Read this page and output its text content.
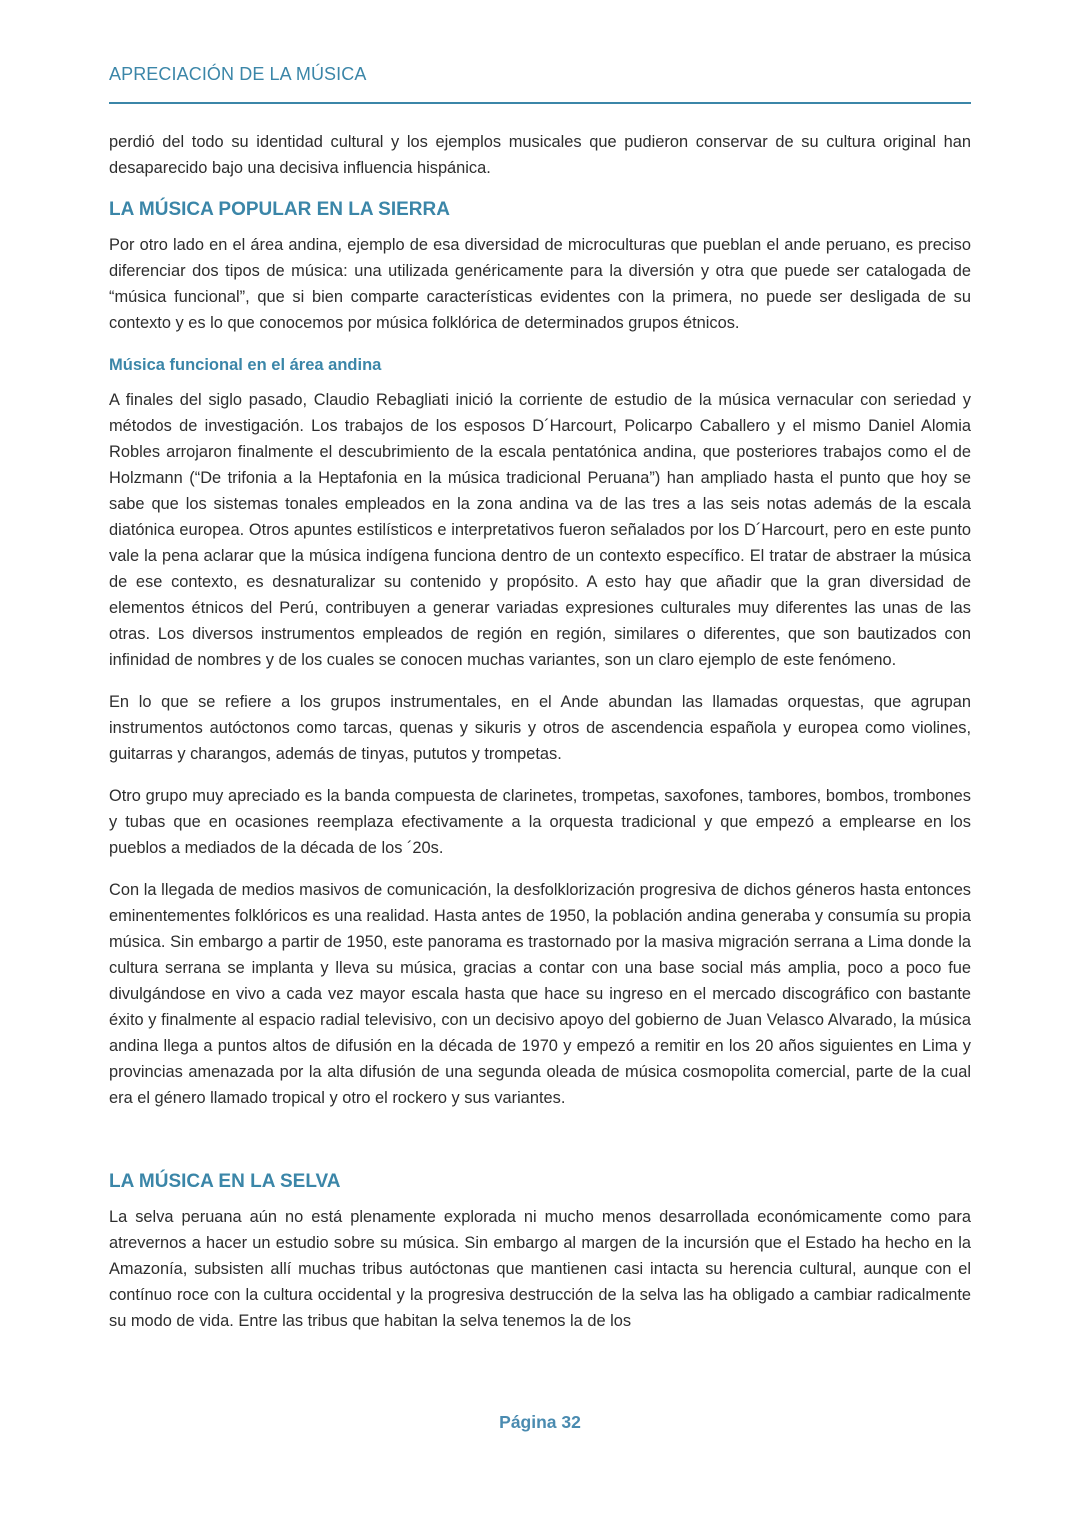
APRECIACIÓN DE LA MÚSICA

perdió del todo su identidad cultural y los ejemplos musicales que pudieron conservar de su cultura original han desaparecido bajo una decisiva influencia hispánica.

LA MÚSICA POPULAR EN LA SIERRA

Por otro lado en el área andina, ejemplo de esa diversidad de microculturas que pueblan el ande peruano, es preciso diferenciar dos tipos de música: una utilizada genéricamente para la diversión y otra que puede ser catalogada de “música funcional”, que si bien comparte características evidentes con la primera, no puede ser desligada de su contexto y es lo que conocemos por música folklórica de determinados grupos étnicos.

Música funcional en el área andina

A finales del siglo pasado, Claudio Rebagliati inició la corriente de estudio de la música vernacular con seriedad y métodos de investigación. Los trabajos de los esposos D´Harcourt, Policarpo Caballero y el mismo Daniel Alomia Robles arrojaron finalmente el descubrimiento de la escala pentatónica andina, que posteriores trabajos como el de Holzmann (“De trifonia a la Heptafonia en la música tradicional Peruana”) han ampliado hasta el punto que hoy se sabe que los sistemas tonales empleados en la zona andina va de las tres a las seis notas además de la escala diatónica europea. Otros apuntes estilísticos e interpretativos fueron señalados por los D´Harcourt, pero en este punto vale la pena aclarar que la música indígena funciona dentro de un contexto específico. El tratar de abstraer la música de ese contexto, es desnaturalizar su contenido y propósito. A esto hay que añadir que la gran diversidad de elementos étnicos del Perú, contribuyen a generar variadas expresiones culturales muy diferentes las unas de las otras. Los diversos instrumentos empleados de región en región, similares o diferentes, que son bautizados con infinidad de nombres y de los cuales se conocen muchas variantes, son un claro ejemplo de este fenómeno.

En lo que se refiere a los grupos instrumentales, en el Ande abundan las llamadas orquestas, que agrupan instrumentos autóctonos como tarcas, quenas y sikuris y otros de ascendencia española y europea como violines, guitarras y charangos, además de tinyas, pututos y trompetas.

Otro grupo muy apreciado es la banda compuesta de clarinetes, trompetas, saxofones, tambores, bombos, trombones y tubas que en ocasiones reemplaza efectivamente a la orquesta tradicional y que empezó a emplearse en los pueblos a mediados de la década de los ´20s.

Con la llegada de medios masivos de comunicación, la desfolklorización progresiva de dichos géneros hasta entonces eminentementes folklóricos es una realidad. Hasta antes de 1950, la población andina generaba y consumía su propia música. Sin embargo a partir de 1950, este panorama es trastornado por la masiva migración serrana a Lima donde la cultura serrana se implanta y lleva su música, gracias a contar con una base social más amplia, poco a poco fue divulgándose en vivo a cada vez mayor escala hasta que hace su ingreso en el mercado discográfico con bastante éxito y finalmente al espacio radial televisivo, con un decisivo apoyo del gobierno de Juan Velasco Alvarado, la música andina llega a puntos altos de difusión en la década de 1970 y empezó a remitir en los 20 años siguientes en Lima y provincias amenazada por la alta difusión de una segunda oleada de música cosmopolita comercial, parte de la cual era el género llamado tropical y otro el rockero y sus variantes.

LA MÚSICA EN LA SELVA

La selva peruana aún no está plenamente explorada ni mucho menos desarrollada económicamente como para atrevernos a hacer un estudio sobre su música. Sin embargo al margen de la incursión que el Estado ha hecho en la Amazonía, subsisten allí muchas tribus autóctonas que mantienen casi intacta su herencia cultural, aunque con el contínuo roce con la cultura occidental y la progresiva destrucción de la selva las ha obligado a cambiar radicalmente su modo de vida. Entre las tribus que habitan la selva tenemos la de los

Página 32
